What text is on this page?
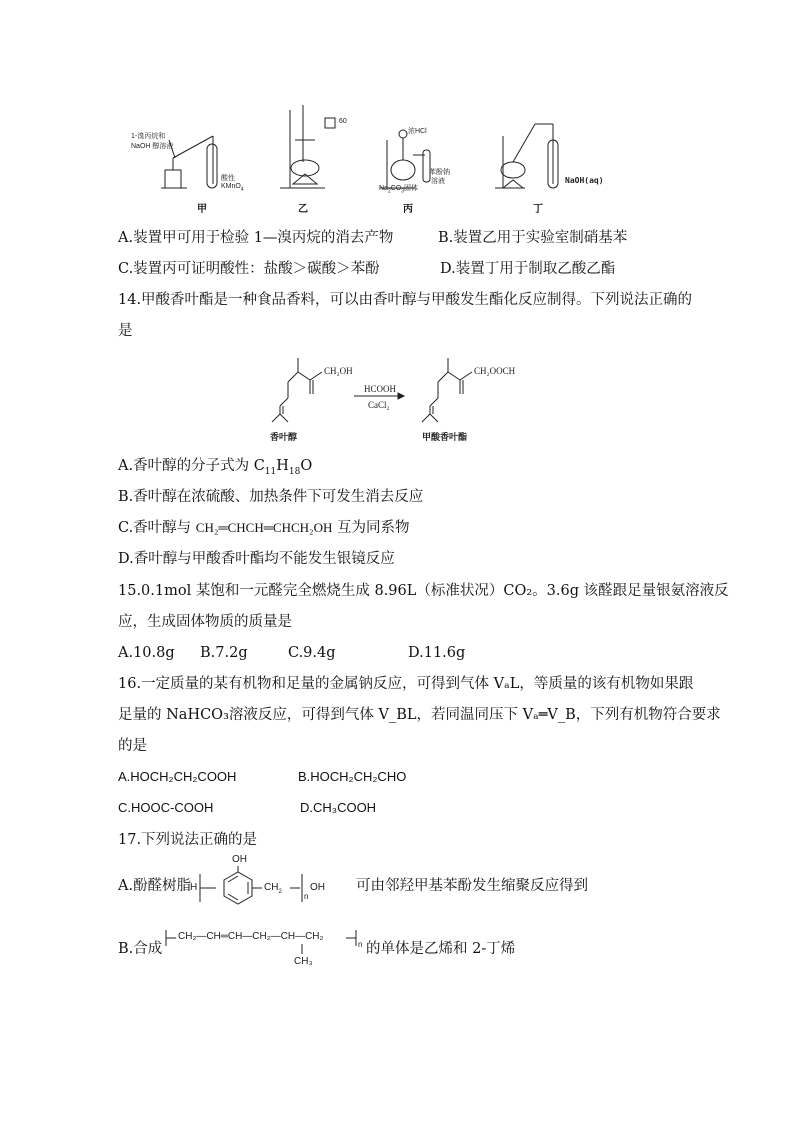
1-溴丙烷和
NaOH 醇溶液
酸性
KMnO$_4$
60
浓HCl
$Na_2CO_3$固体
苯酚钠
溶液	NaOH(aq)
甲	乙	丙	丁
A.装置甲可用于检验 1—溴丙烷的消去产物	B.装置乙用于实验室制硝基苯
C.装置丙可证明酸性：盐酸＞碳酸＞苯酚	D.装置丁用于制取乙酸乙酯
14.甲酸香叶酯是一种食品香料，可以由香叶醇与甲酸发生酯化反应制得。下列说法正确的
是
CH₂OH	CH₂OOCH
HCOOH
CaCl₂
香叶醇	甲酸香叶酯
A.香叶醇的分子式为 $C_{11}H_{18}O$
B.香叶醇在浓硫酸、加热条件下可发生消去反应
C.香叶醇与 CH₂═CHCH═CHCH₂OH 互为同系物
D.香叶醇与甲酸香叶酯均不能发生银镜反应
15.0.1mol 某饱和一元醛完全燃烧生成 8.96L（标准状况）CO₂。3.6g 该醛跟足量银氨溶液反
应，生成固体物质的质量是
A.10.8g B.7.2g	C.9.4g	D.11.6g
16.一定质量的某有机物和足量的金属钠反应，可得到气体 VₐL，等质量的该有机物如果跟
足量的 NaHCO₃溶液反应，可得到气体 V_BL，若同温同压下 Vₐ═V_B，下列有机物符合要求
的是
A.HOCH₂CH₂COOH	B.HOCH₂CH₂CHO
C.HOOC-COOH	D.CH₃COOH
17.下列说法正确的是
A.酚醛树脂
OH
H	$CH_2$	n
OH 可由邻羟甲基苯酚发生缩聚反应得到
B.合成
CH₂—CH═CH—CH₂—CH—CH₂
CH₃
n 的单体是乙烯和 2-丁烯
